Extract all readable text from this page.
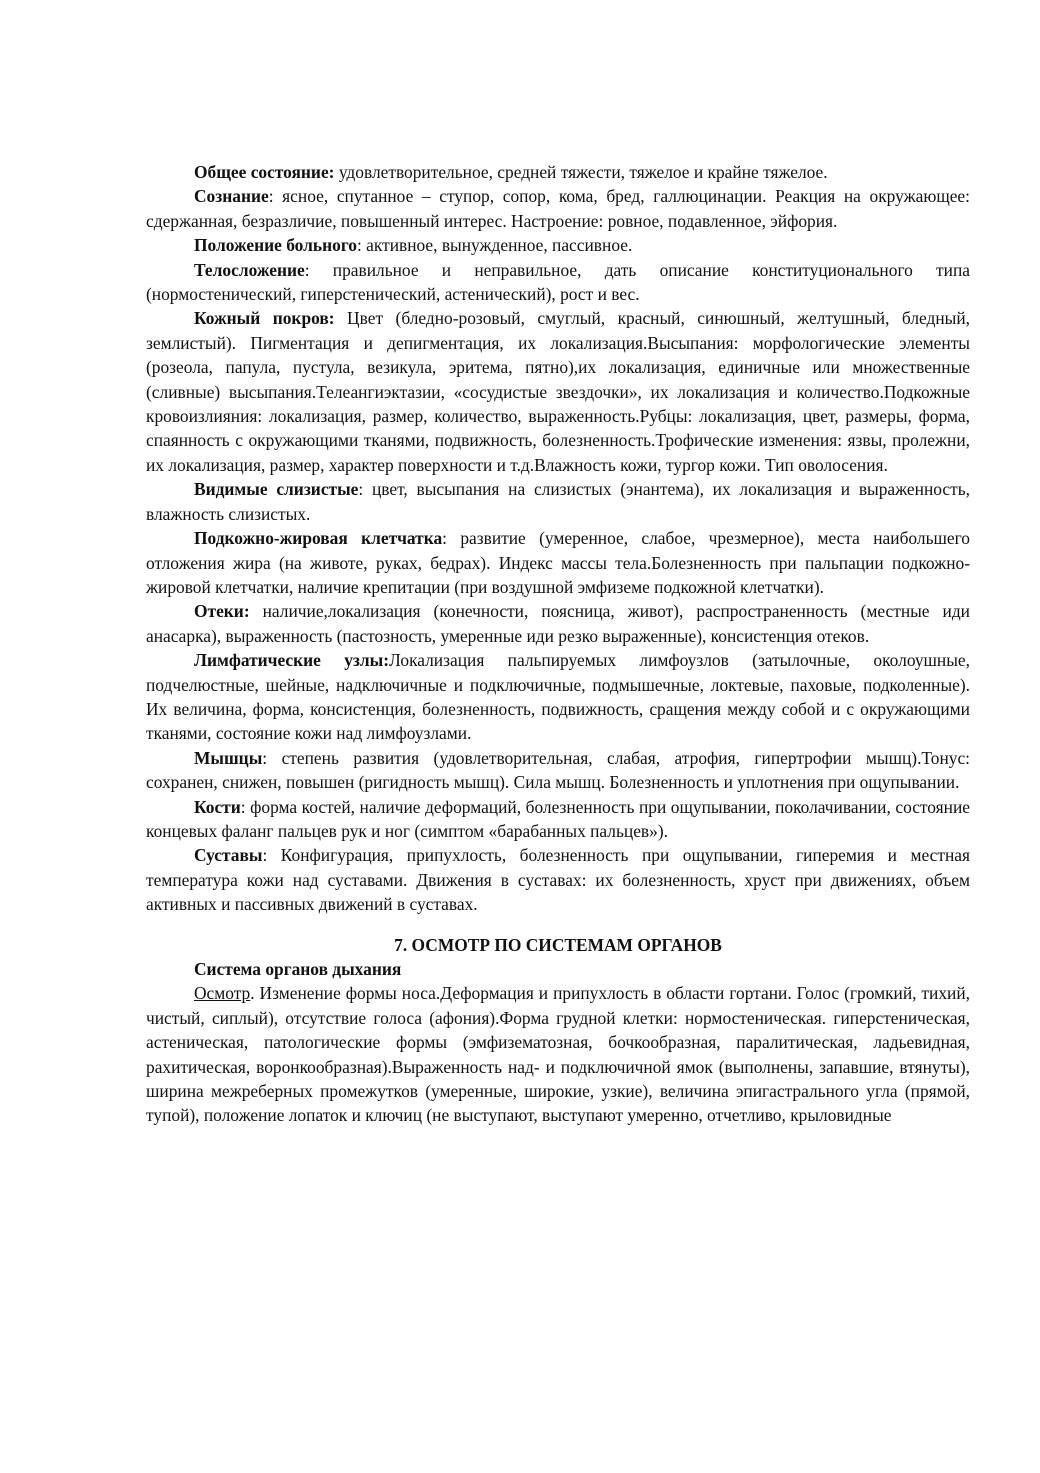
Общее состояние: удовлетворительное, средней тяжести, тяжелое и крайне тяжелое.

Сознание: ясное, спутанное – ступор, сопор, кома, бред, галлюцинации. Реакция на окружающее: сдержанная, безразличие, повышенный интерес. Настроение: ровное, подавленное, эйфория.

Положение больного: активное, вынужденное, пассивное.

Телосложение: правильное и неправильное, дать описание конституционального типа (нормостенический, гиперстенический, астенический), рост и вес.

Кожный покров: Цвет (бледно-розовый, смуглый, красный, синюшный, желтушный, бледный, землистый). Пигментация и депигментация, их локализация.Высыпания: морфологические элементы (розеола, папула, пустула, везикула, эритема, пятно),их локализация, единичные или множественные (сливные) высыпания.Телеангиэктазии, «сосудистые звездочки», их локализация и количество.Подкожные кровоизлияния: локализация, размер, количество, выраженность.Рубцы: локализация, цвет, размеры, форма, спаянность с окружающими тканями, подвижность, болезненность.Трофические изменения: язвы, пролежни, их локализация, размер, характер поверхности и т.д.Влажность кожи, тургор кожи. Тип оволосения.

Видимые слизистые: цвет, высыпания на слизистых (энантема), их локализация и выраженность, влажность слизистых.

Подкожно-жировая клетчатка: развитие (умеренное, слабое, чрезмерное), места наибольшего отложения жира (на животе, руках, бедрах). Индекс массы тела.Болезненность при пальпации подкожно-жировой клетчатки, наличие крепитации (при воздушной эмфиземе подкожной клетчатки).

Отеки: наличие,локализация (конечности, поясница, живот), распространенность (местные иди анасарка), выраженность (пастозность, умеренные иди резко выраженные), консистенция отеков.

Лимфатические узлы:Локализация пальпируемых лимфоузлов (затылочные, околоушные, подчелюстные, шейные, надключичные и подключичные, подмышечные, локтевые, паховые, подколенные). Их величина, форма, консистенция, болезненность, подвижность, сращения между собой и с окружающими тканями, состояние кожи над лимфоузлами.

Мышцы: степень развития (удовлетворительная, слабая, атрофия, гипертрофии мышц).Тонус: сохранен, снижен, повышен (ригидность мышц). Сила мышц. Болезненность и уплотнения при ощупывании.

Кости: форма костей, наличие деформаций, болезненность при ощупывании, поколачивании, состояние концевых фаланг пальцев рук и ног (симптом «барабанных пальцев»).

Суставы: Конфигурация, припухлость, болезненность при ощупывании, гиперемия и местная температура кожи над суставами. Движения в суставах: их болезненность, хруст при движениях, объем активных и пассивных движений в суставах.

7. ОСМОТР ПО СИСТЕМАМ ОРГАНОВ

Система органов дыхания

Осмотр. Изменение формы носа.Деформация и припухлость в области гортани. Голос (громкий, тихий, чистый, сиплый), отсутствие голоса (афония).Форма грудной клетки: нормостеническая. гиперстеническая, астеническая, патологические формы (эмфизематозная, бочкообразная, паралитическая, ладьевидная, рахитическая, воронкообразная).Выраженность над- и подключичной ямок (выполнены, запавшие, втянуты), ширина межреберных промежутков (умеренные, широкие, узкие), величина эпигастрального угла (прямой, тупой), положение лопаток и ключиц (не выступают, выступают умеренно, отчетливо, крыловидные
